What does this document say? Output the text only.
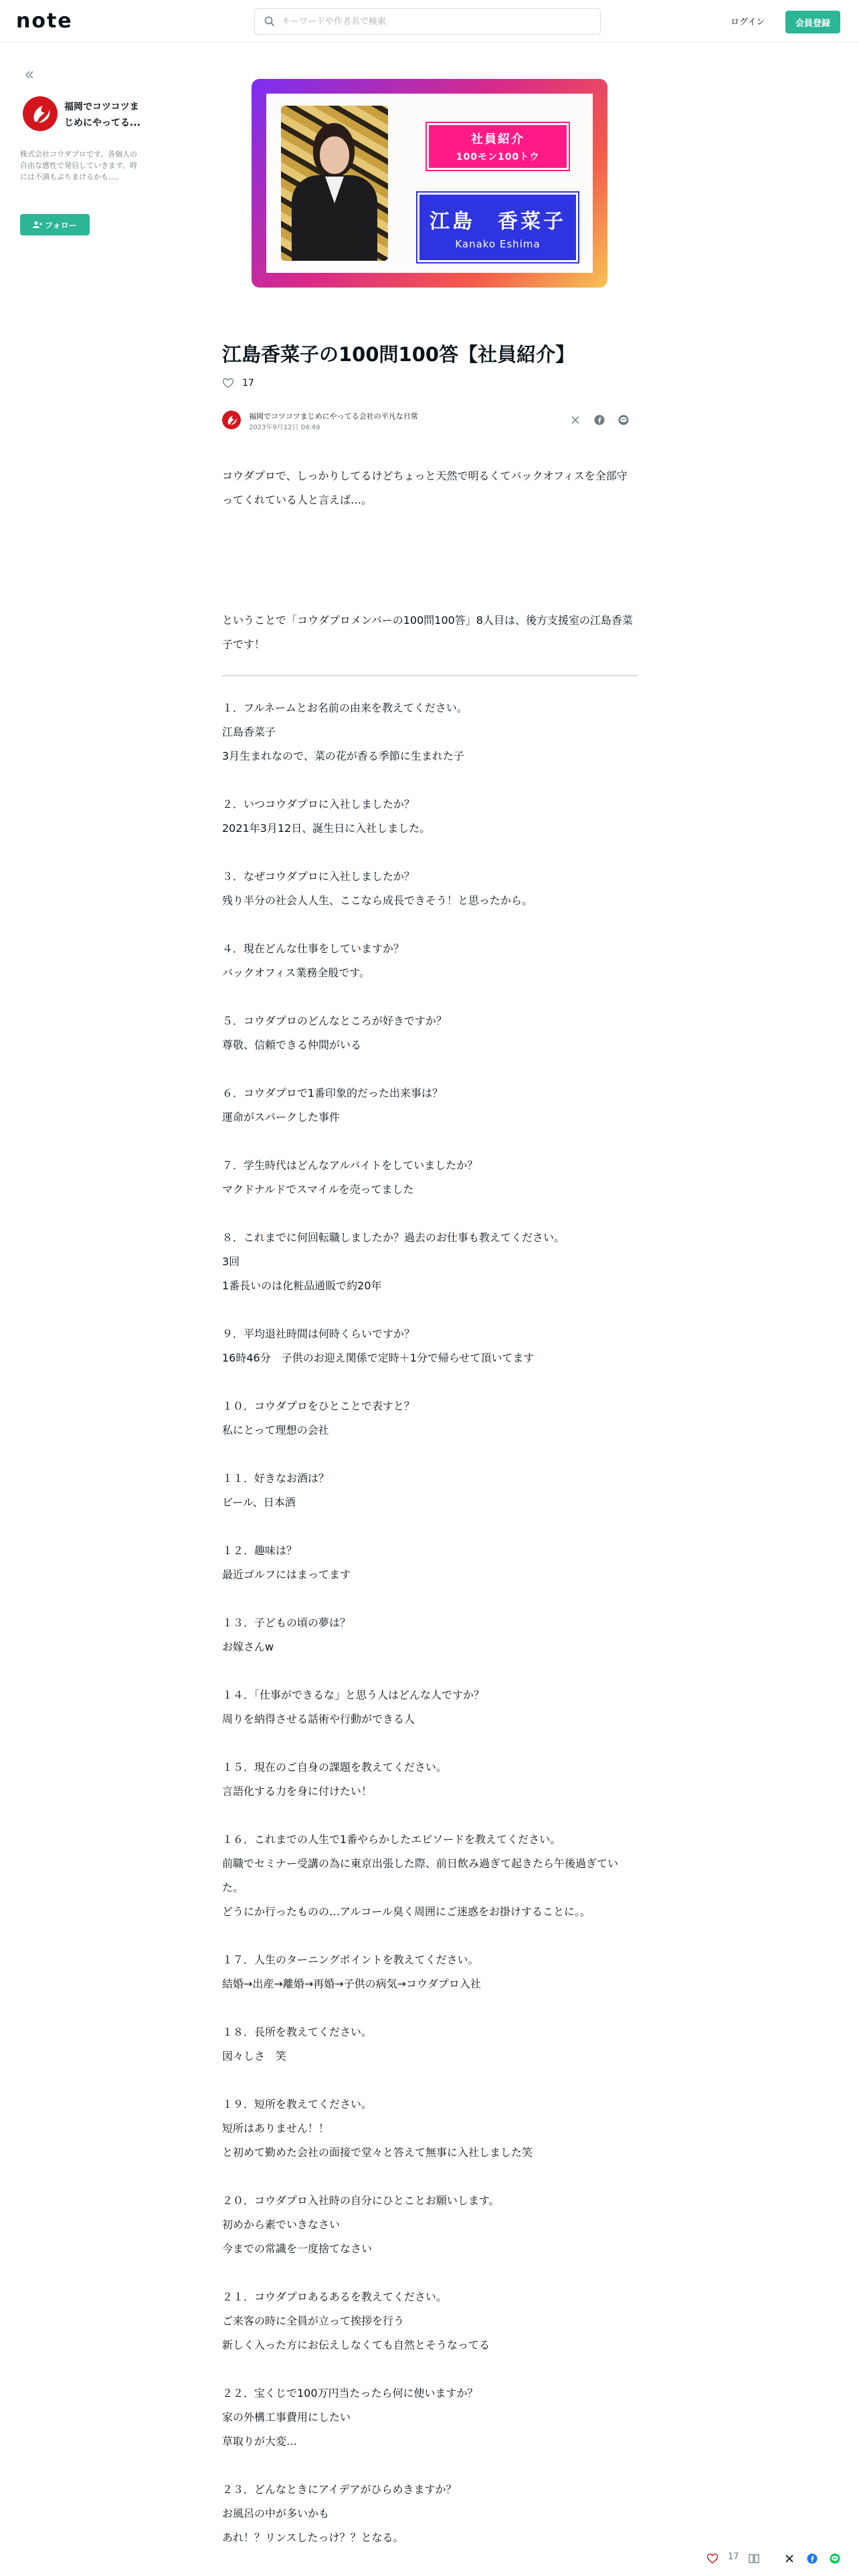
note
キーワードや作者名で検索	ログイン	会員登録
福岡でコツコツまじめにやってる...
株式会社コウダプロです。各個人の自由な感性で発信していきます。時には不満もぶちまけるかも…。
フォロー
社員紹介
100モン100トウ
江島　香菜子
Kanako Eshima
江島香菜子の100問100答【社員紹介】
17
福岡でコツコツまじめにやってる会社の平凡な日常
2023年9月12日 04:49

コウダプロで、しっかりしてるけどちょっと天然で明るくてバックオフィスを全部守ってくれている人と言えば…。

ということで「コウダプロメンバーの100問100答」8人目は、後方支援室の江島香菜子です！

１．フルネームとお名前の由来を教えてください。

江島香菜子

3月生まれなので、菜の花が香る季節に生まれた子

２．いつコウダプロに入社しましたか？

2021年3月12日、誕生日に入社しました。

３．なぜコウダプロに入社しましたか？

残り半分の社会人人生、ここなら成長できそう！と思ったから。

４．現在どんな仕事をしていますか？

バックオフィス業務全般です。

５．コウダプロのどんなところが好きですか？

尊敬、信頼できる仲間がいる

６．コウダプロで1番印象的だった出来事は？

運命がスパークした事件

７．学生時代はどんなアルバイトをしていましたか？

マクドナルドでスマイルを売ってました

８．これまでに何回転職しましたか？過去のお仕事も教えてください。

3回

1番長いのは化粧品通販で約20年

９．平均退社時間は何時くらいですか？

16時46分　子供のお迎え関係で定時＋1分で帰らせて頂いてます

１０．コウダプロをひとことで表すと？

私にとって理想の会社

１１．好きなお酒は？

ビール、日本酒

１２．趣味は？

最近ゴルフにはまってます

１３．子どもの頃の夢は？

お嫁さんw

１４．「仕事ができるな」と思う人はどんな人ですか？

周りを納得させる話術や行動ができる人

１５．現在のご自身の課題を教えてください。

言語化する力を身に付けたい！

１６．これまでの人生で1番やらかしたエピソードを教えてください。

前職でセミナー受講の為に東京出張した際、前日飲み過ぎて起きたら午後過ぎていた。

どうにか行ったものの…アルコール臭く周囲にご迷惑をお掛けすることに。。

１７．人生のターニングポイントを教えてください。

結婚→出産→離婚→再婚→子供の病気→コウダプロ入社

１８．長所を教えてください。

図々しさ　笑

１９．短所を教えてください。

短所はありません！！

と初めて勤めた会社の面接で堂々と答えて無事に入社しました笑

２０．コウダプロ入社時の自分にひとことお願いします。

初めから素でいきなさい

今までの常識を一度捨てなさい

２１．コウダプロあるあるを教えてください。

ご来客の時に全員が立って挨拶を行う

新しく入った方にお伝えしなくても自然とそうなってる

２２．宝くじで100万円当たったら何に使いますか？

家の外構工事費用にしたい

草取りが大変…

２３．どんなときにアイデアがひらめきますか？

お風呂の中が多いかも

あれ！？リンスしたっけ？？となる。

17
